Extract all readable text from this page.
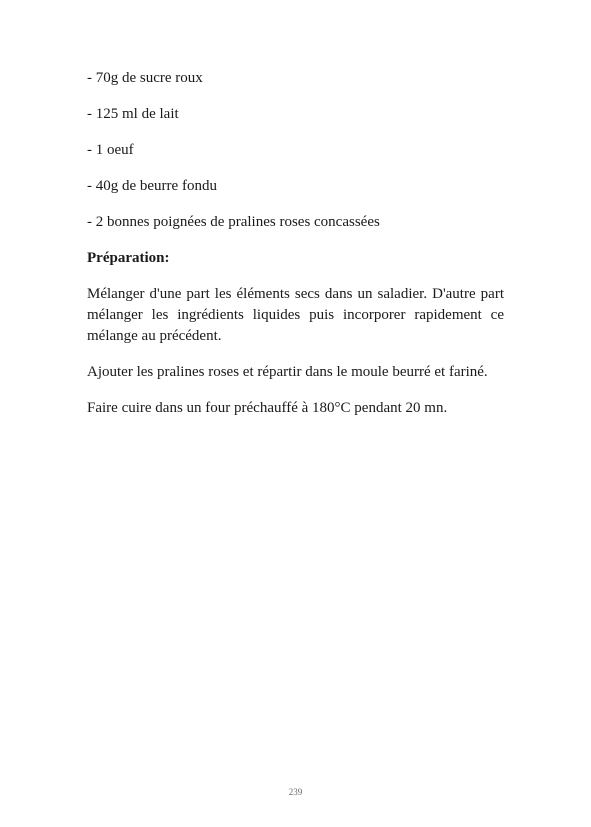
- 70g de sucre roux

- 125 ml de lait

- 1 oeuf

- 40g de beurre fondu

- 2 bonnes poignées de pralines roses concassées

Préparation:

Mélanger d'une part les éléments secs dans un saladier. D'autre part mélanger les ingrédients liquides puis incorporer rapidement ce mélange au précédent.

Ajouter les pralines roses et répartir dans le moule beurré et fariné.

Faire cuire dans un four préchauffé à 180°C pendant 20 mn.

239
